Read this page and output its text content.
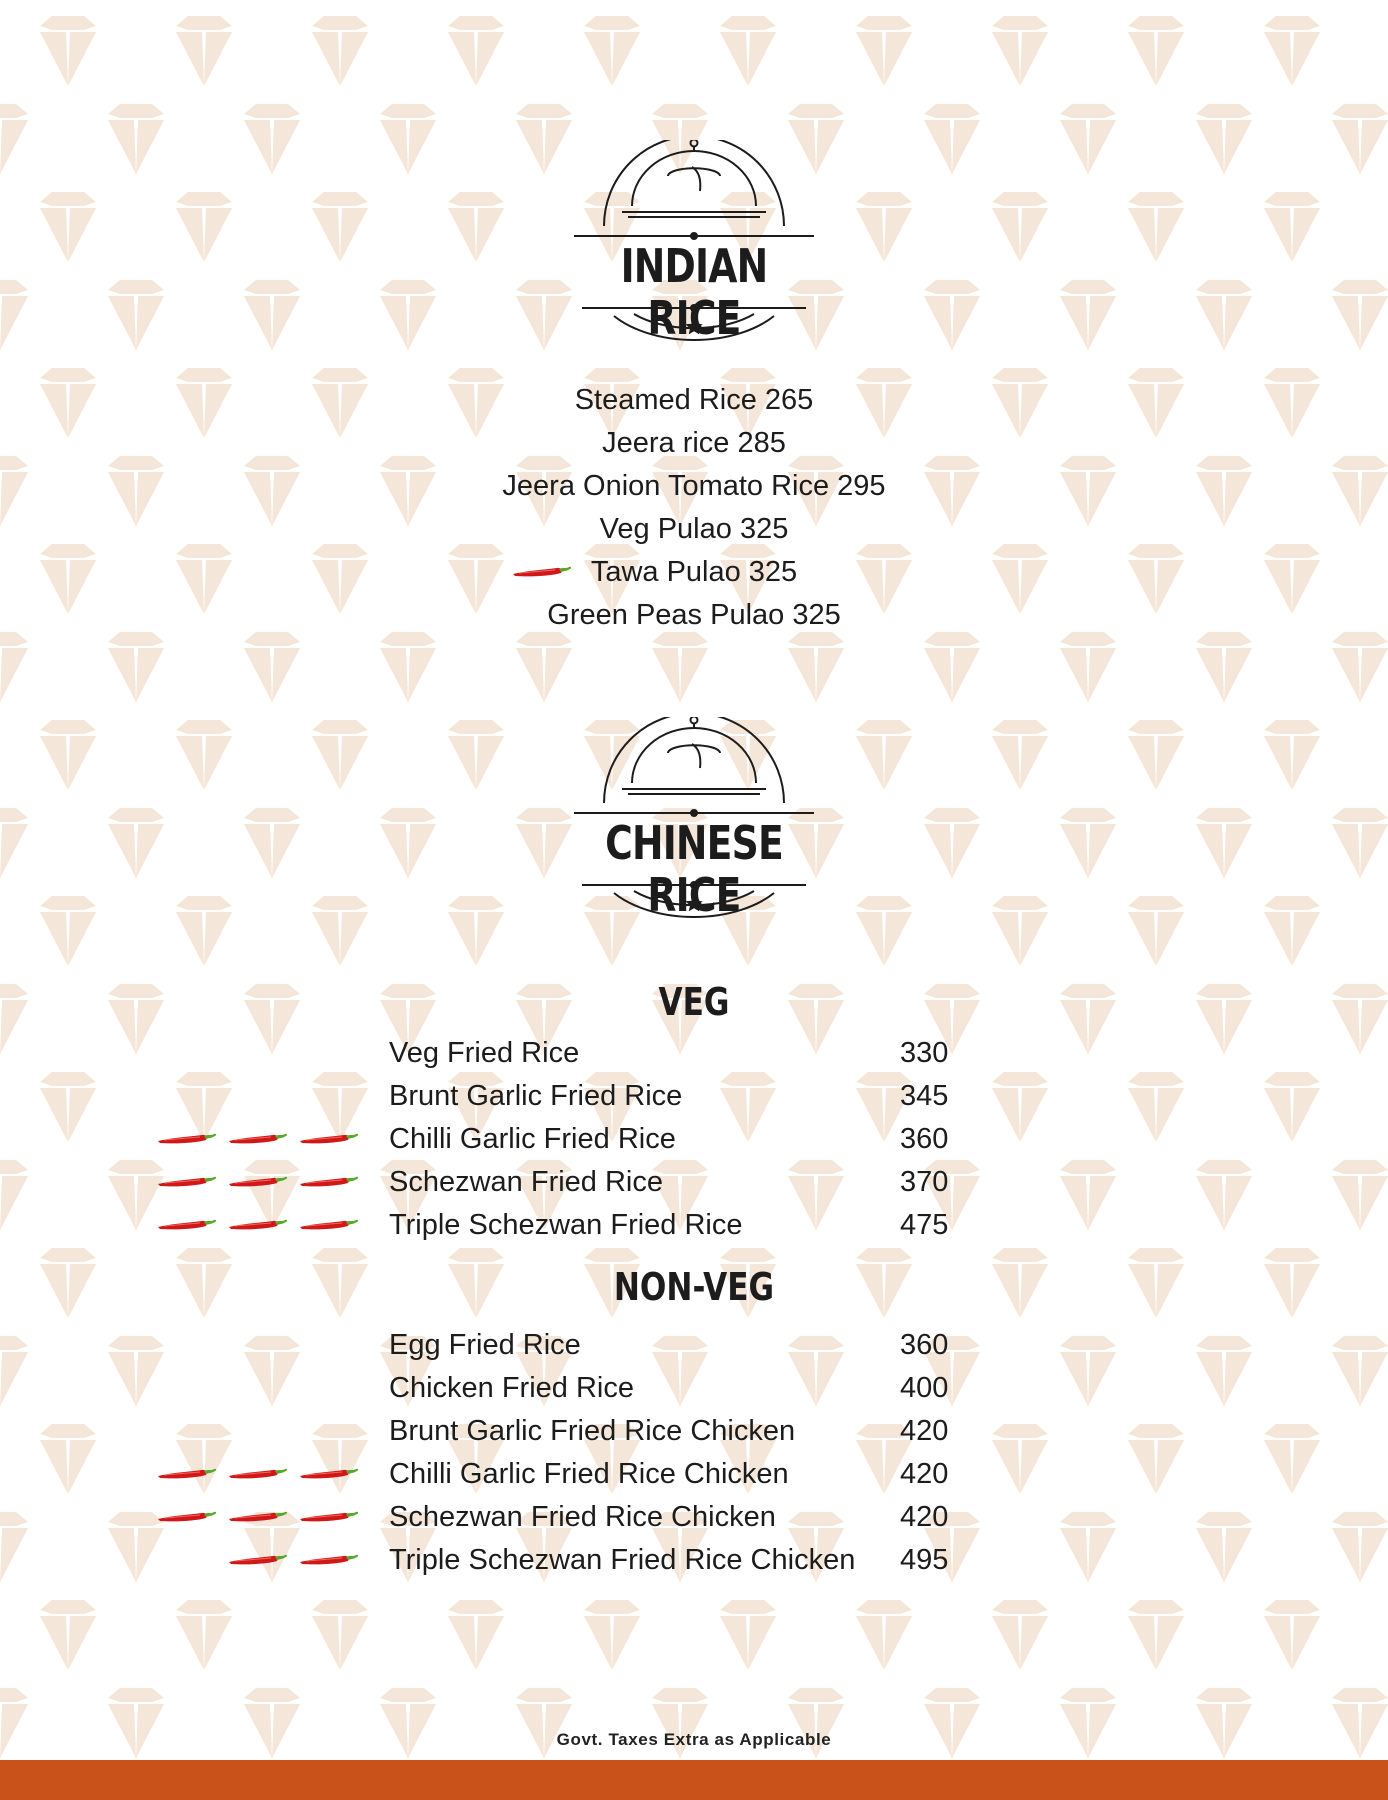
INDIAN RICE
Steamed Rice 265
Jeera rice 285
Jeera Onion Tomato Rice 295
Veg Pulao 325
Tawa Pulao 325
Green Peas Pulao 325
CHINESE RICE
VEG
Veg Fried Rice	330
Brunt Garlic Fried Rice	345
Chilli Garlic Fried Rice	360
Schezwan Fried Rice	370
Triple Schezwan Fried Rice	475
NON-VEG
Egg Fried Rice	360
Chicken Fried Rice	400
Brunt Garlic Fried Rice Chicken	420
Chilli Garlic Fried Rice Chicken	420
Schezwan Fried Rice Chicken	420
Triple Schezwan Fried Rice Chicken 495
Govt. Taxes Extra as Applicable
